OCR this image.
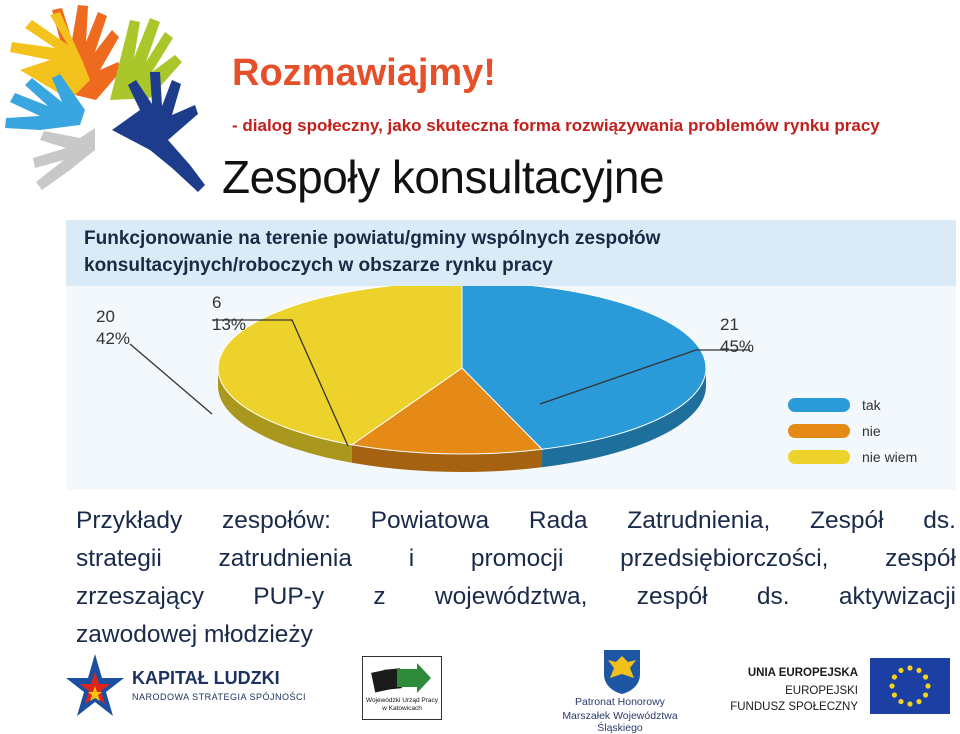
Rozmawiajmy!
- dialog społeczny, jako skuteczna forma rozwiązywania problemów rynku pracy
Zespoły konsultacyjne
Funkcjonowanie na terenie powiatu/gminy wspólnych zespołów
konsultacyjnych/roboczych w obszarze rynku pracy
21
45%
6
13%
20
42%
tak
nie
nie wiem
Przykłady zespołów: Powiatowa Rada Zatrudnienia, Zespół ds.
strategii zatrudnienia i promocji przedsiębiorczości, zespół
zrzeszający PUP-y z województwa, zespół ds. aktywizacji
zawodowej młodzieży
KAPITAŁ LUDZKI
NARODOWA STRATEGIA SPÓJNOŚCI	Wojewódzki Urząd Pracy w Katowicach
Patronat Honorowy
Marszałek Województwa Śląskiego
UNIA EUROPEJSKA
EUROPEJSKI
FUNDUSZ SPOŁECZNY
